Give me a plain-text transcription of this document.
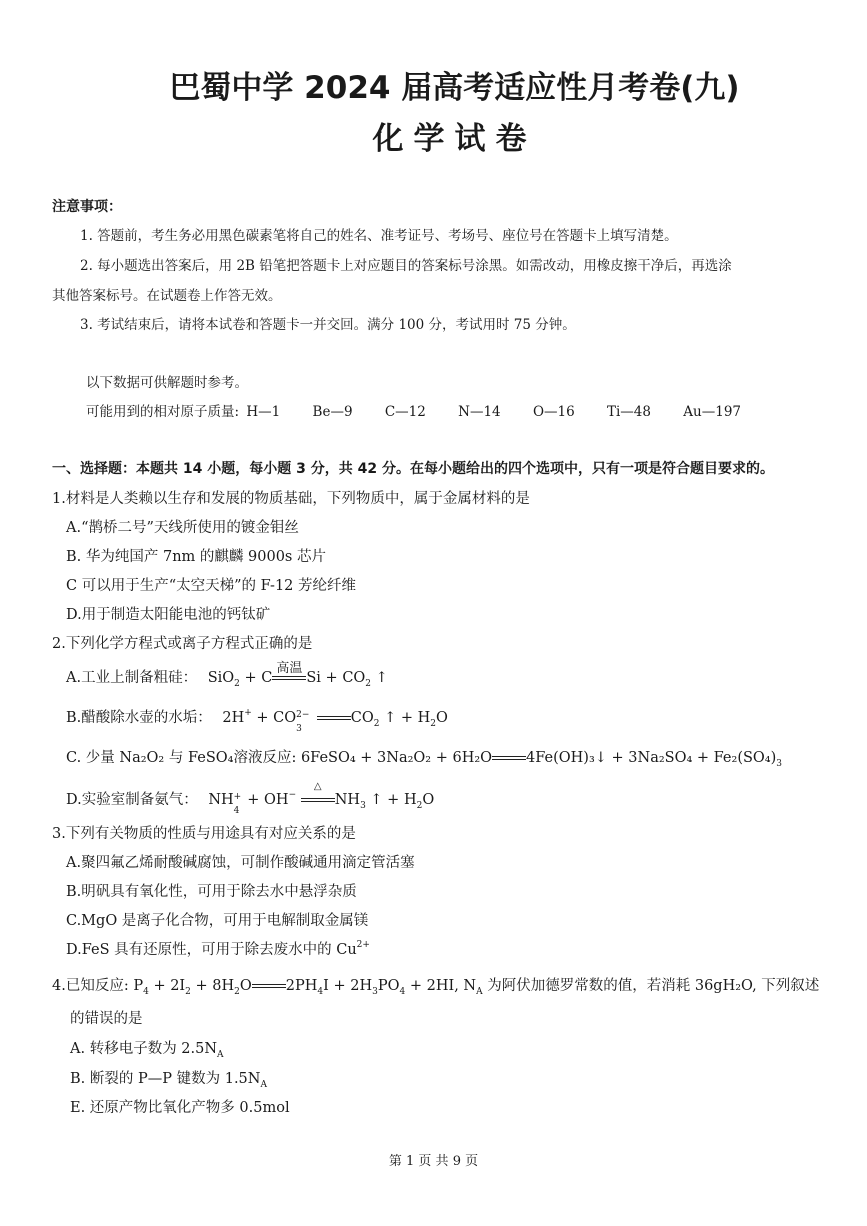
巴蜀中学 2024 届高考适应性月考卷(九)
化学试卷
注意事项：
1. 答题前，考生务必用黑色碳素笔将自己的姓名、准考证号、考场号、座位号在答题卡上填写清楚。
2. 每小题选出答案后，用 2B 铅笔把答题卡上对应题目的答案标号涂黑。如需改动，用橡皮擦干净后，再选涂
其他答案标号。在试题卷上作答无效。
3. 考试结束后，请将本试卷和答题卡一并交回。满分 100 分，考试用时 75 分钟。
以下数据可供解题时参考。
可能用到的相对原子质量: H—1 Be—9 C—12 N—14 O—16 Ti—48 Au—197
一、选择题：本题共 14 小题，每小题 3 分，共 42 分。在每小题给出的四个选项中，只有一项是符合题目要求的。
1.材料是人类赖以生存和发展的物质基础，下列物质中，属于金属材料的是
A.“鹊桥二号”天线所使用的镀金钼丝
B. 华为纯国产 7nm 的麒麟 9000s 芯片
C 可以用于生产“太空天梯”的 F-12 芳纶纤维
D.用于制造太阳能电池的钙钛矿
2.下列化学方程式或离子方程式正确的是
A.工业上制备粗硅： SiO$_2$ + C
高温
$Si + CO_2$ ↑
B.醋酸除水壶的水垢： 2H+ + CO 2−
3
$CO_2$ ↑ + $H_2O$
C. 少量 Na₂O₂ 与 FeSO₄溶液反应: 6FeSO₄ + 3Na₂O₂ + 6H₂O 4Fe(OH)₃↓ + $3Na_2SO_4 + Fe_2(SO_4)_3$
D.实验室制备氨气： NH +
4
+ OH−
△
$NH_3$ ↑ + $H_2O$
3.下列有关物质的性质与用途具有对应关系的是
A.聚四氟乙烯耐酸碱腐蚀，可制作酸碱通用滴定管活塞
B.明矾具有氧化性，可用于除去水中悬浮杂质
C.MgO 是离子化合物，可用于电解制取金属镁
D.FeS 具有还原性，可用于除去废水中的 $Cu^{2+}$
4.已知反应: $P_4 + 2I_2 + 8H_2O$ $2PH_4I + 2H_3PO_4 + 2HI$, $N_A$ 为阿伏加德罗常数的值，若消耗 36gH₂O, 下列叙述
的错误的是
A. 转移电子数为 $2.5N_A$
B. 断裂的 P—P 键数为 $1.5N_A$
E. 还原产物比氧化产物多 0.5mol
第 1 页 共 9 页
